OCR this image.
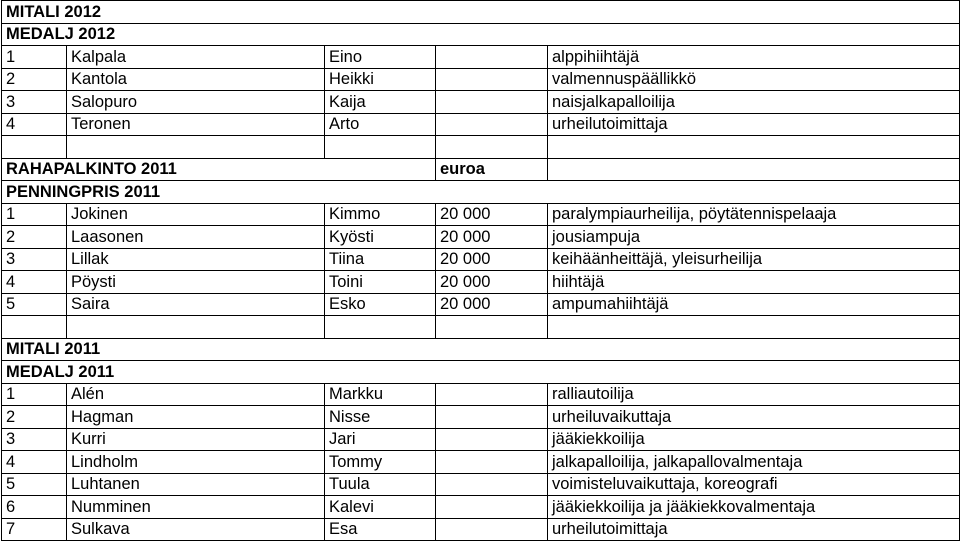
MITALI 2012				
MEDALJ 2012				
1	Kalpala	Eino		alppihiihtäjä
2	Kantola	Heikki		valmennuspäällikkö
3	Salopuro	Kaija		naisjalkapalloilija
4	Teronen	Arto		urheilutoimittaja

RAHAPALKINTO 2011			euroa	
PENNINGPRIS 2011				
1	Jokinen	Kimmo	20 000	paralympiaurheilija, pöytätennispelaaja
2	Laasonen	Kyösti	20 000	jousiampuja
3	Lillak	Tiina	20 000	keihäänheittäjä, yleisurheilija
4	Pöysti	Toini	20 000	hiihtäjä
5	Saira	Esko	20 000	ampumahiihtäjä

MITALI 2011				
MEDALJ 2011				
1	Alén	Markku		ralliautoilija
2	Hagman	Nisse		urheiluvaikuttaja
3	Kurri	Jari		jääkiekkoilija
4	Lindholm	Tommy		jalkapalloilija, jalkapallovalmentaja
5	Luhtanen	Tuula		voimisteluvaikuttaja, koreografi
6	Numminen	Kalevi		jääkiekkoilija ja jääkiekkovalmentaja
7	Sulkava	Esa		urheilutoimittaja
